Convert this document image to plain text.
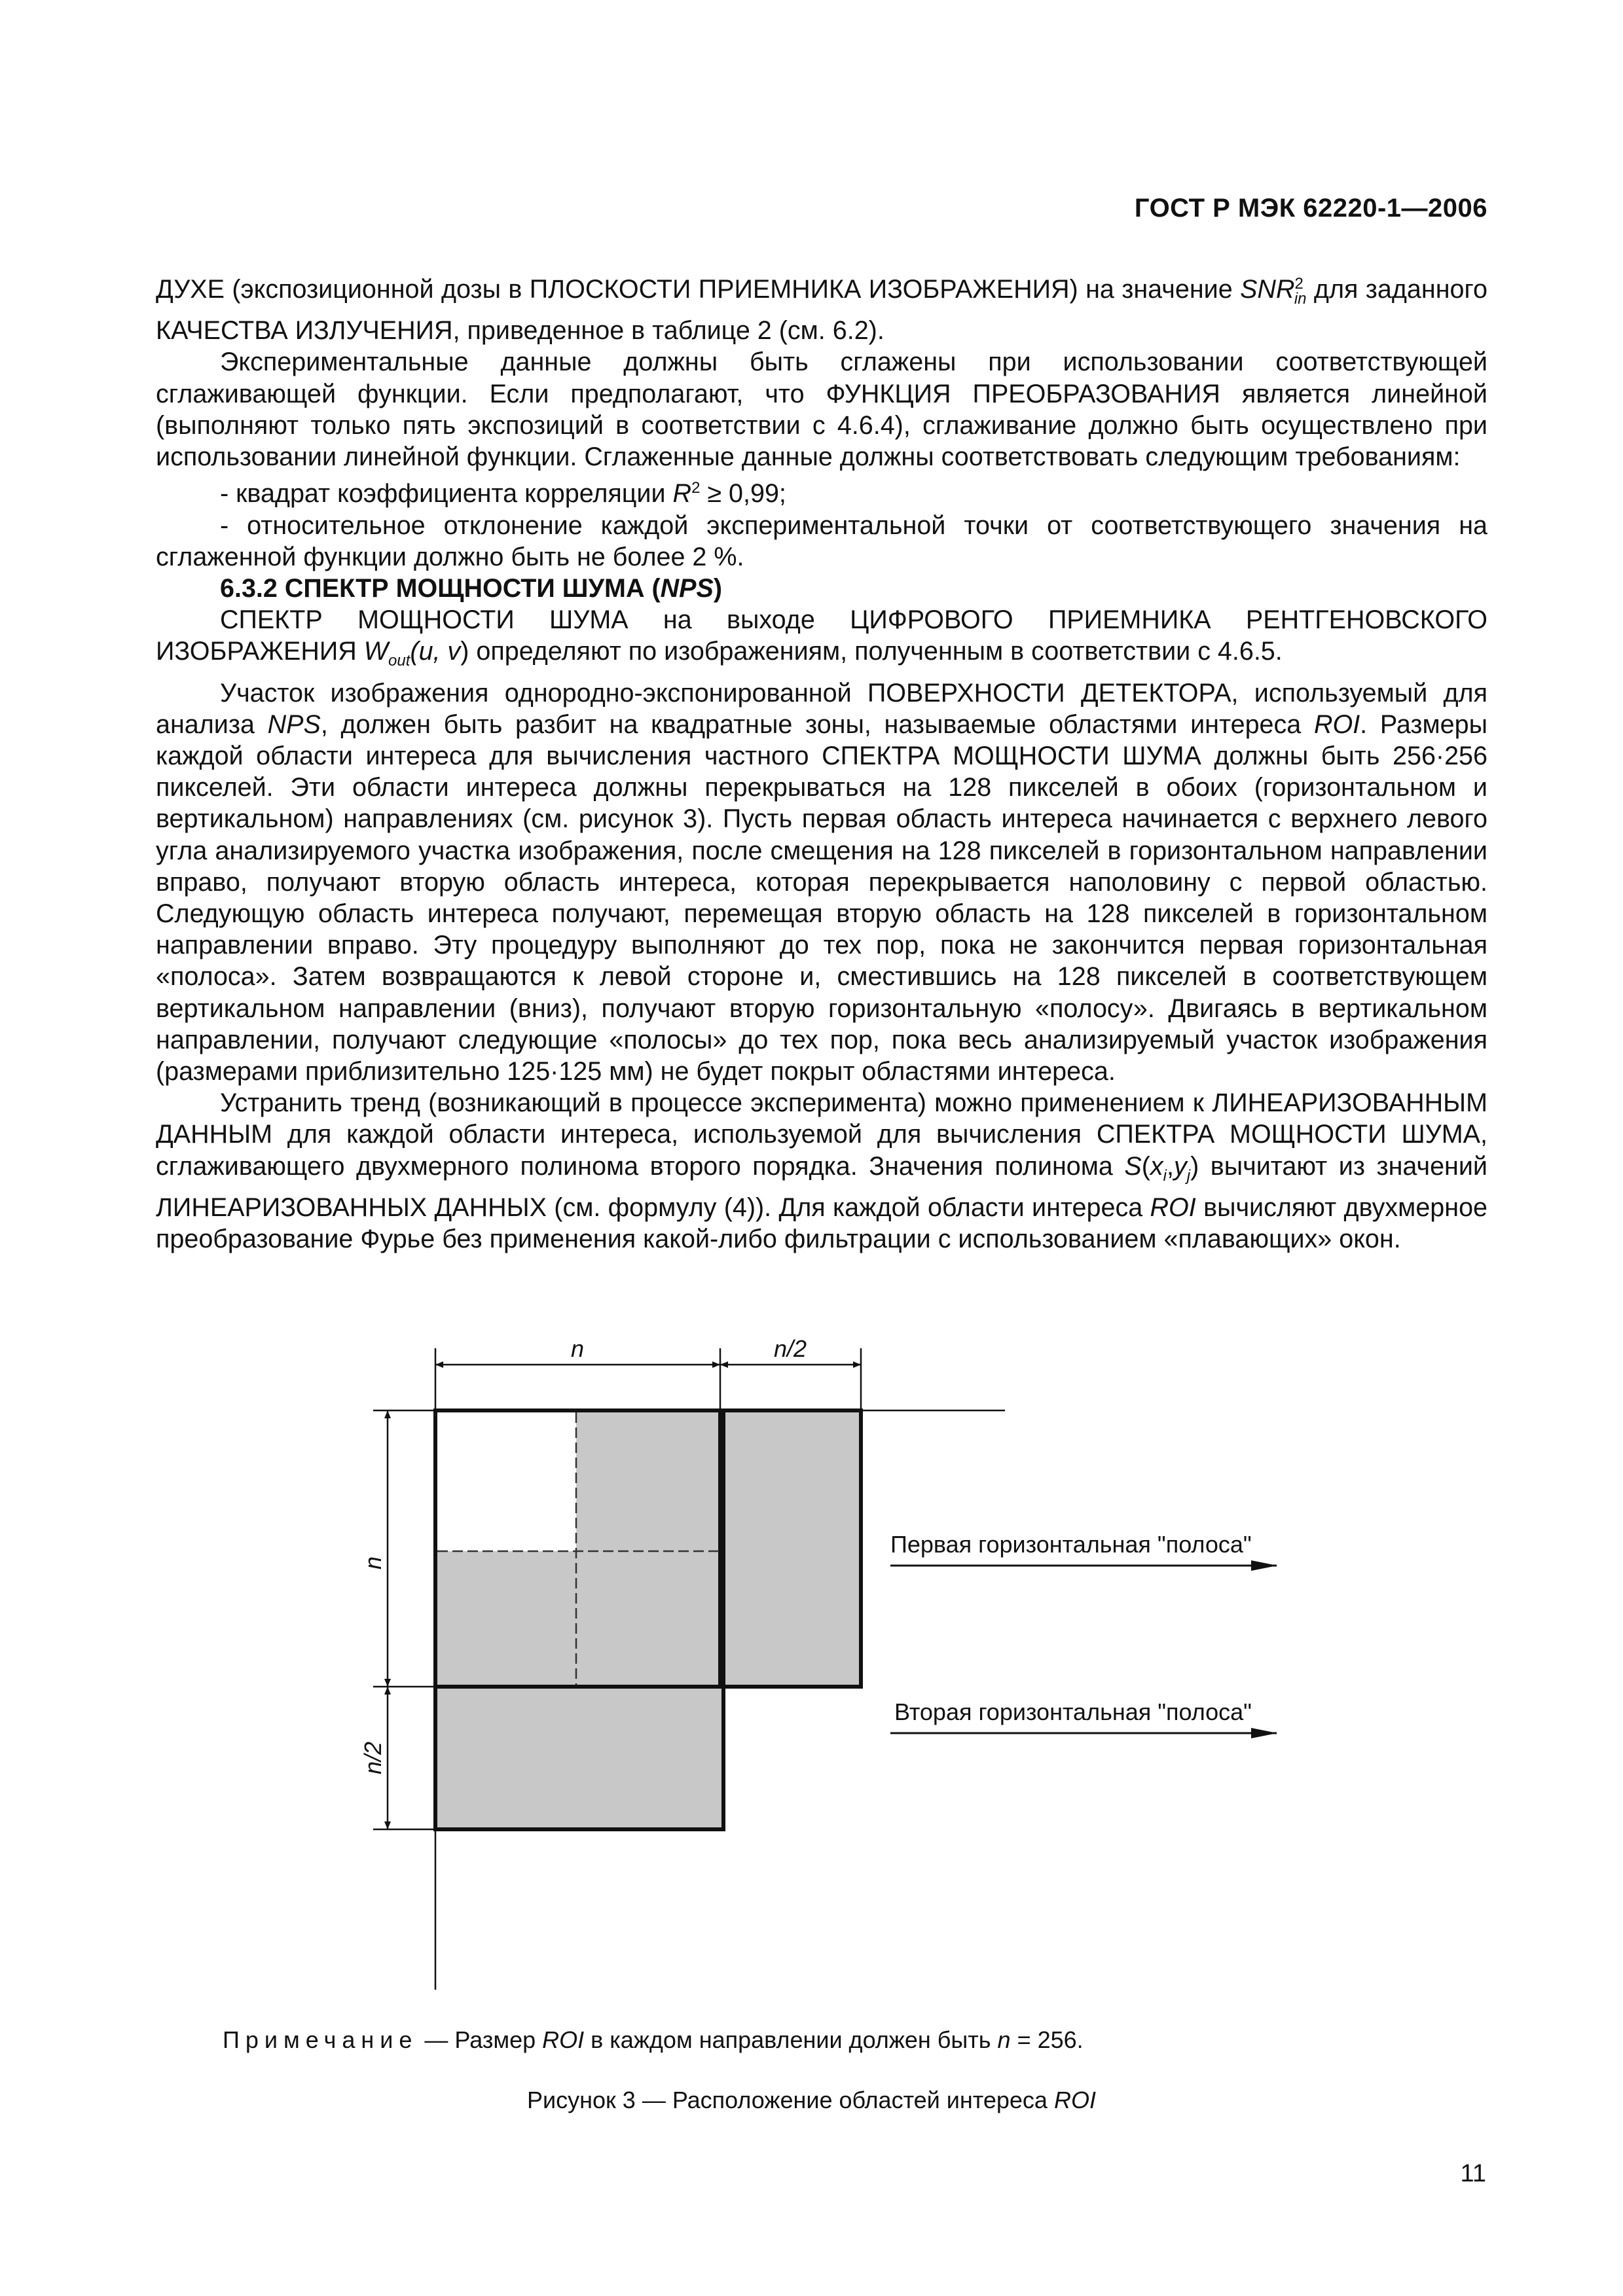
ГОСТ Р МЭК 62220-1—2006

ДУХЕ (экспозиционной дозы в ПЛОСКОСТИ ПРИЕМНИКА ИЗОБРАЖЕНИЯ) на значение $SNR^2_{in}$ для заданного КАЧЕСТВА ИЗЛУЧЕНИЯ, приведенное в таблице 2 (см. 6.2).

Экспериментальные данные должны быть сглажены при использовании соответствующей сглаживающей функции. Если предполагают, что ФУНКЦИЯ ПРЕОБРАЗОВАНИЯ является линейной (выполняют только пять экспозиций в соответствии с 4.6.4), сглаживание должно быть осуществлено при использовании линейной функции. Сглаженные данные должны соответствовать следующим требованиям:

- квадрат коэффициента корреляции $R^2 \ge 0,99$;

- относительное отклонение каждой экспериментальной точки от соответствующего значения на сглаженной функции должно быть не более 2 %.

6.3.2 СПЕКТР МОЩНОСТИ ШУМА (NPS)

СПЕКТР МОЩНОСТИ ШУМА на выходе ЦИФРОВОГО ПРИЕМНИКА РЕНТГЕНОВСКОГО ИЗОБРАЖЕНИЯ $W_{out}(u$, v) определяют по изображениям, полученным в соответствии с 4.6.5.

Участок изображения однородно-экспонированной ПОВЕРХНОСТИ ДЕТЕКТОРА, используемый для анализа NPS, должен быть разбит на квадратные зоны, называемые областями интереса ROI. Размеры каждой области интереса для вычисления частного СПЕКТРА МОЩНОСТИ ШУМА должны быть 256·256 пикселей. Эти области интереса должны перекрываться на 128 пикселей в обоих (горизонтальном и вертикальном) направлениях (см. рисунок 3). Пусть первая область интереса начинается с верхнего левого угла анализируемого участка изображения, после смещения на 128 пикселей в горизонтальном направлении вправо, получают вторую область интереса, которая перекрывается наполовину с первой областью. Следующую область интереса получают, перемещая вторую область на 128 пикселей в горизонтальном направлении вправо. Эту процедуру выполняют до тех пор, пока не закончится первая горизонтальная «полоса». Затем возвращаются к левой стороне и, сместившись на 128 пикселей в соответствующем вертикальном направлении (вниз), получают вторую горизонтальную «полосу». Двигаясь в вертикальном направлении, получают следующие «полосы» до тех пор, пока весь анализируемый участок изображения (размерами приблизительно 125·125 мм) не будет покрыт областями интереса.

Устранить тренд (возникающий в процессе эксперимента) можно применением к ЛИНЕАРИЗОВАННЫМ ДАННЫМ для каждой области интереса, используемой для вычисления СПЕКТРА МОЩНОСТИ ШУМА, сглаживающего двухмерного полинома второго порядка. Значения полинома $S(x_i,y_j)$ вычитают из значений ЛИНЕАРИЗОВАННЫХ ДАННЫХ (см. формулу (4)). Для каждой области интереса ROI вычисляют двухмерное преобразование Фурье без применения какой-либо фильтрации с использованием «плавающих» окон.

n	n/2
n
n/2
Первая горизонтальная "полоса"
Вторая горизонтальная "полоса"
Примечание — Размер ROI в каждом направлении должен быть n = 256.
Рисунок 3 — Расположение областей интереса ROI
11
